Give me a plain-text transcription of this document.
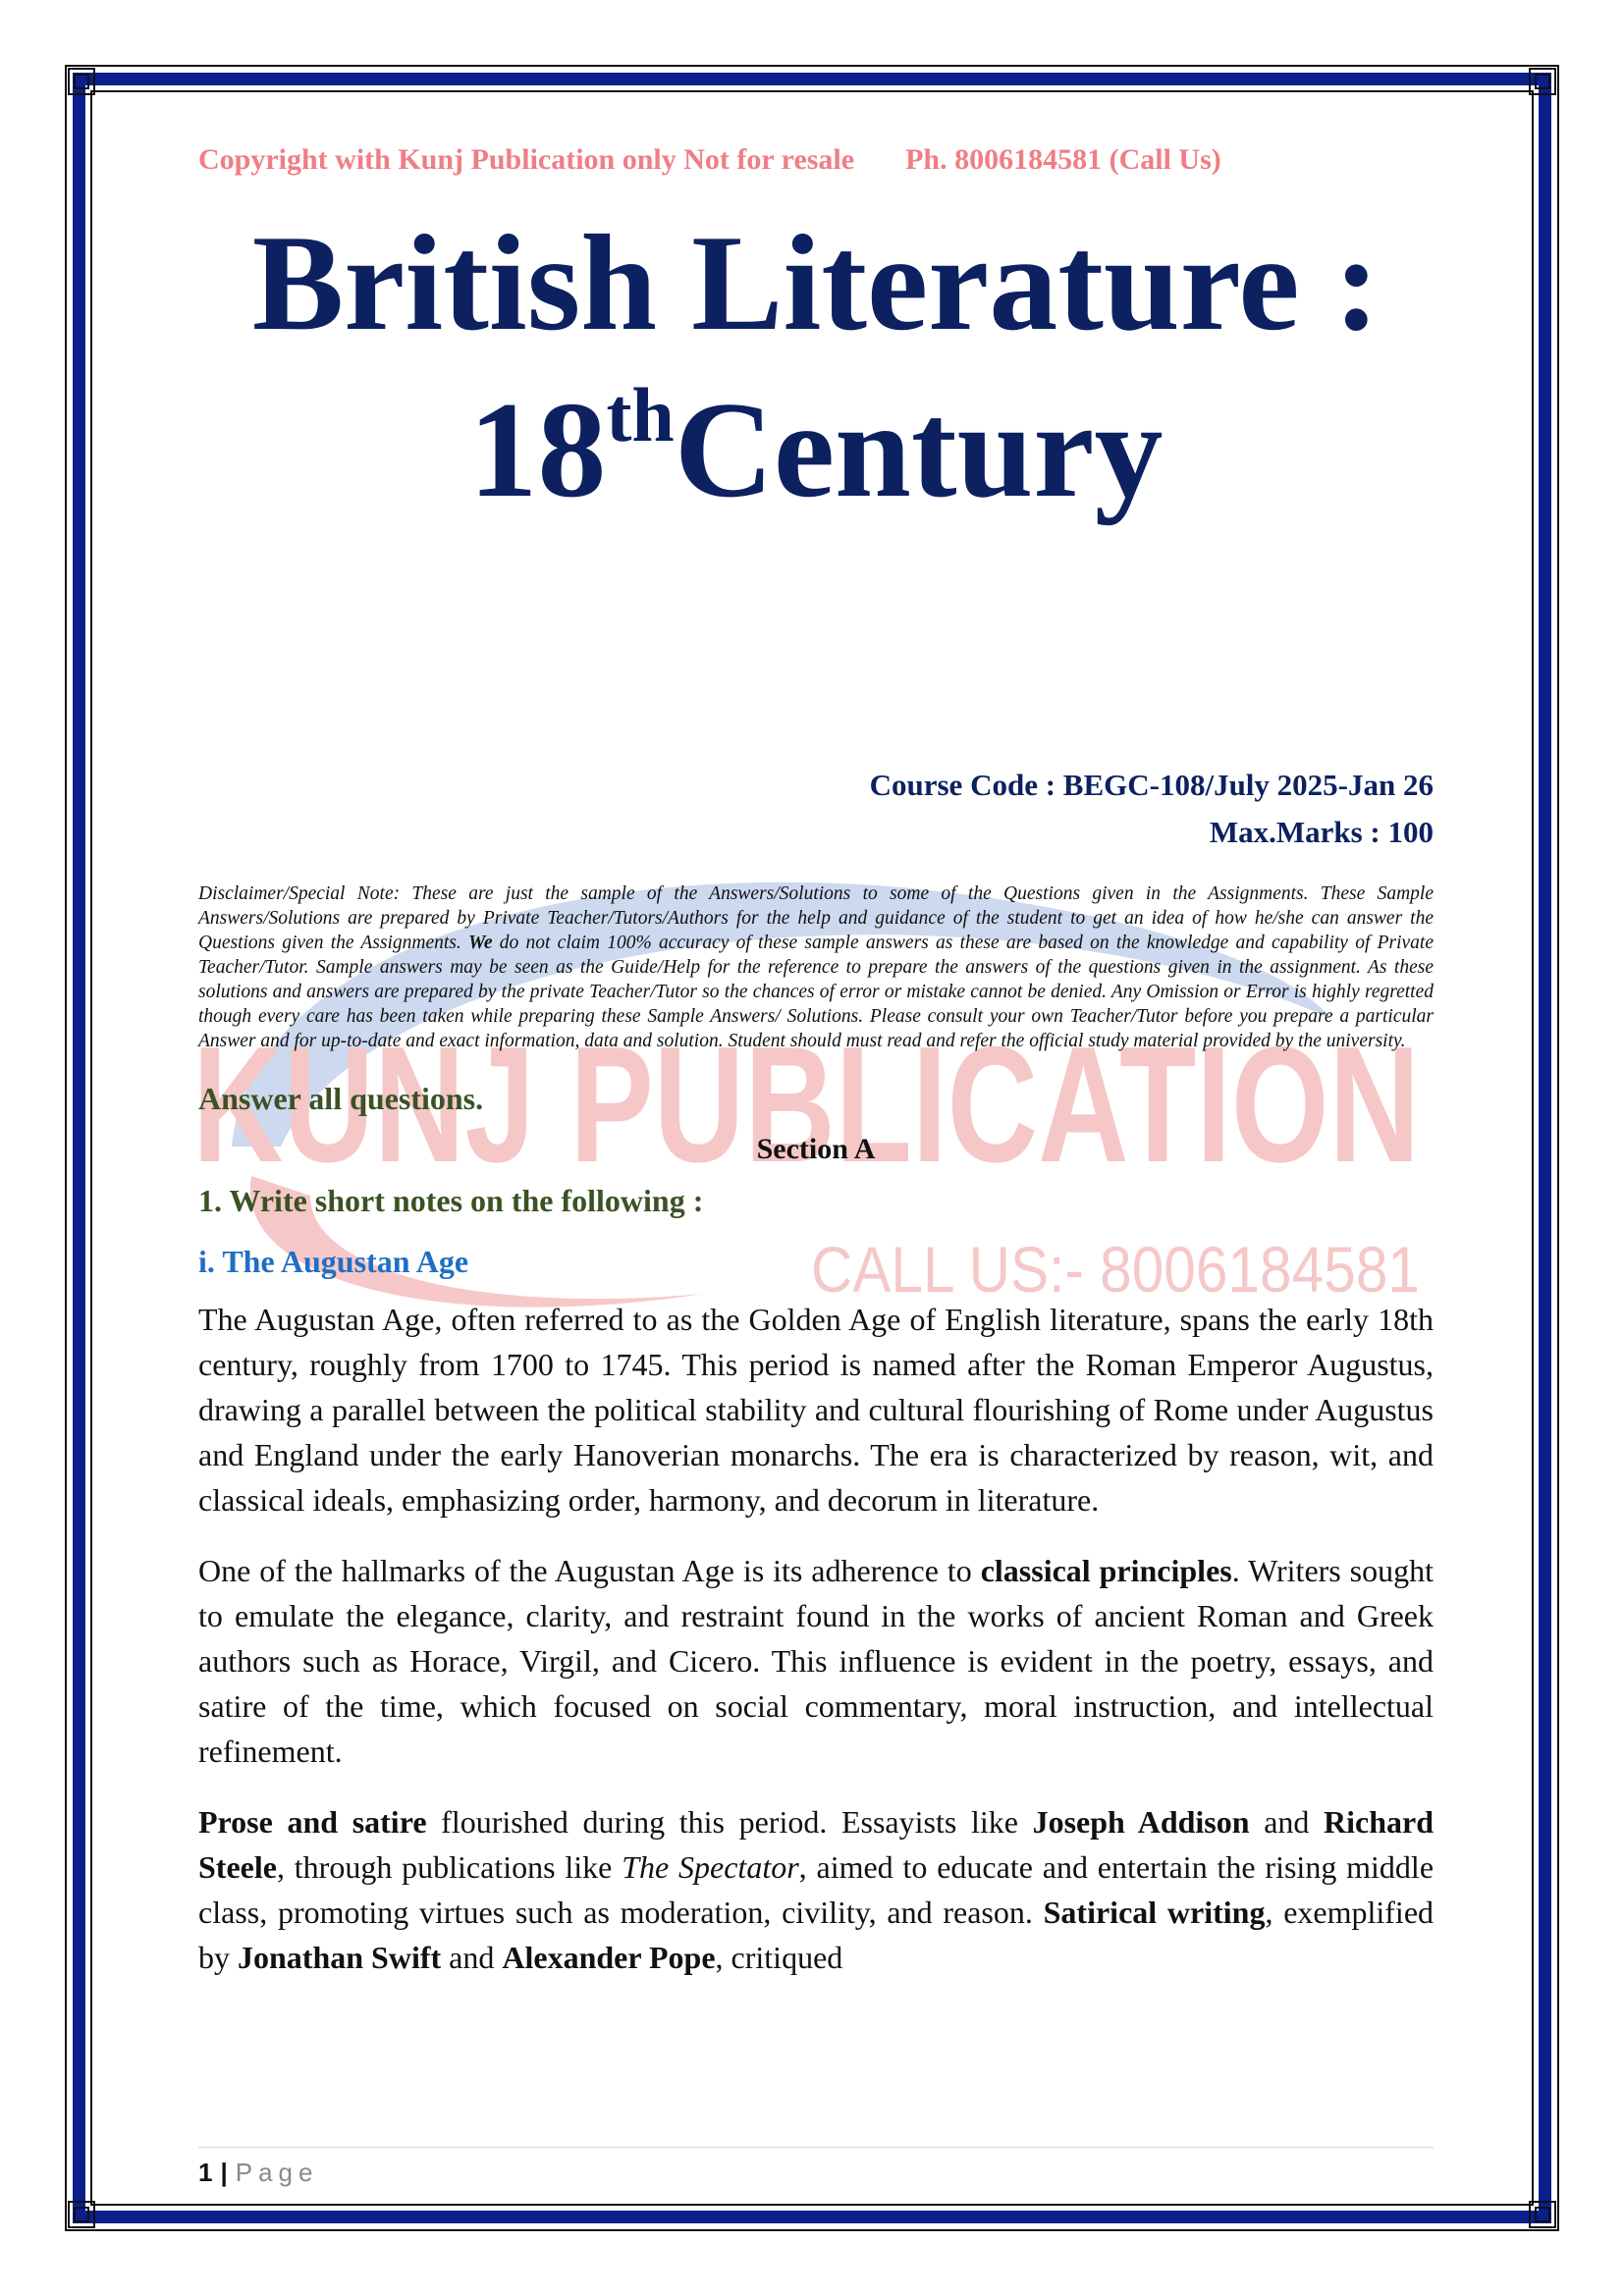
KUNJ PUBLICATION
CALL US:- 8006184581
Copyright with Kunj Publication only Not for resale Ph. 8006184581 (Call Us)
British Literature :
18thCentury
Course Code : BEGC-108/July 2025-Jan 26
Max.Marks : 100
Disclaimer/Special Note: These are just the sample of the Answers/Solutions to some of the Questions given in the Assignments. These Sample Answers/Solutions are prepared by Private Teacher/Tutors/Authors for the help and guidance of the student to get an idea of how he/she can answer the Questions given the Assignments. We do not claim 100% accuracy of these sample answers as these are based on the knowledge and capability of Private Teacher/Tutor. Sample answers may be seen as the Guide/Help for the reference to prepare the answers of the questions given in the assignment. As these solutions and answers are prepared by the private Teacher/Tutor so the chances of error or mistake cannot be denied. Any Omission or Error is highly regretted though every care has been taken while preparing these Sample Answers/ Solutions. Please consult your own Teacher/Tutor before you prepare a particular Answer and for up-to-date and exact information, data and solution. Student should must read and refer the official study material provided by the university.
Answer all questions.
Section A
1. Write short notes on the following :
i. The Augustan Age

The Augustan Age, often referred to as the Golden Age of English literature, spans the early 18th century, roughly from 1700 to 1745. This period is named after the Roman Emperor Augustus, drawing a parallel between the political stability and cultural flourishing of Rome under Augustus and England under the early Hanoverian monarchs. The era is characterized by reason, wit, and classical ideals, emphasizing order, harmony, and decorum in literature.

One of the hallmarks of the Augustan Age is its adherence to classical principles. Writers sought to emulate the elegance, clarity, and restraint found in the works of ancient Roman and Greek authors such as Horace, Virgil, and Cicero. This influence is evident in the poetry, essays, and satire of the time, which focused on social commentary, moral instruction, and intellectual refinement.

Prose and satire flourished during this period. Essayists like Joseph Addison and Richard Steele, through publications like The Spectator, aimed to educate and entertain the rising middle class, promoting virtues such as moderation, civility, and reason. Satirical writing, exemplified by Jonathan Swift and Alexander Pope, critiqued

1 | Page
